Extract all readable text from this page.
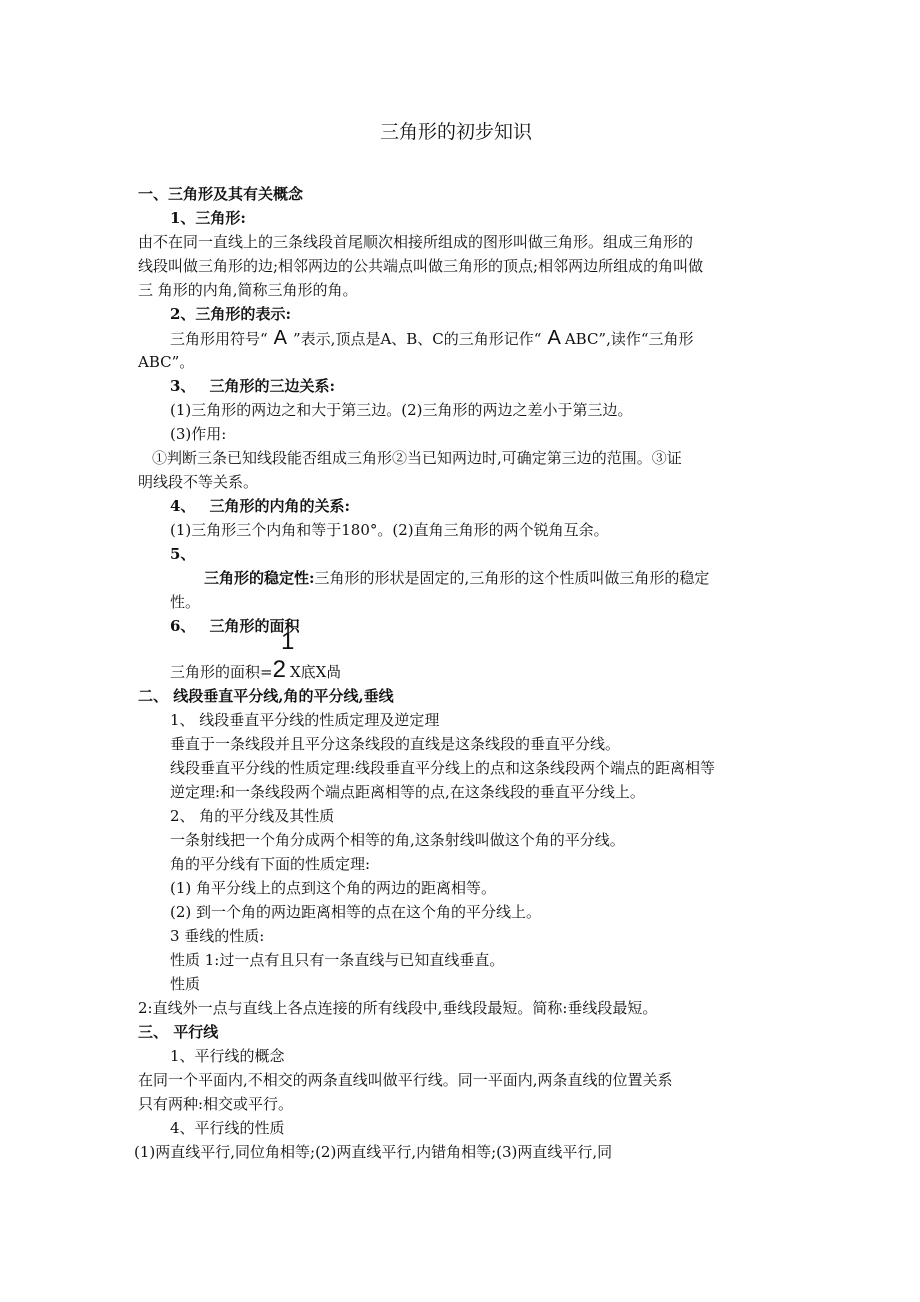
三角形的初步知识
一、三角形及其有关概念
1、三角形:
由不在同一直线上的三条线段首尾顺次相接所组成的图形叫做三角形。组成三角形的
线段叫做三角形的边;相邻两边的公共端点叫做三角形的顶点;相邻两边所组成的角叫做
三 角形的内角,简称三角形的角。
2、三角形的表示:
三角形用符号“ A ”表示,顶点是A、B、C的三角形记作“ A ABC”,读作“三角形
ABC”。
3、 三角形的三边关系:
(1)三角形的两边之和大于第三边。(2)三角形的两边之差小于第三边。
(3)作用:
①判断三条已知线段能否组成三角形②当已知两边时,可确定第三边的范围。③证
明线段不等关系。
4、 三角形的内角的关系:
(1)三角形三个内角和等于180°。(2)直角三角形的两个锐角互余。
5、
三角形的稳定性:三角形的形状是固定的,三角形的这个性质叫做三角形的稳定
性。
6、 三角形的面积
1
三角形的面积=2 X底X咼
二、 线段垂直平分线,角的平分线,垂线
1、 线段垂直平分线的性质定理及逆定理
垂直于一条线段并且平分这条线段的直线是这条线段的垂直平分线。
线段垂直平分线的性质定理:线段垂直平分线上的点和这条线段两个端点的距离相等
逆定理:和一条线段两个端点距离相等的点,在这条线段的垂直平分线上。
2、 角的平分线及其性质
一条射线把一个角分成两个相等的角,这条射线叫做这个角的平分线。
角的平分线有下面的性质定理:
(1) 角平分线上的点到这个角的两边的距离相等。
(2) 到一个角的两边距离相等的点在这个角的平分线上。
3 垂线的性质:
性质 1:过一点有且只有一条直线与已知直线垂直。
性质
2:直线外一点与直线上各点连接的所有线段中,垂线段最短。简称:垂线段最短。
三、 平行线
1、平行线的概念
在同一个平面内,不相交的两条直线叫做平行线。同一平面内,两条直线的位置关系
只有两种:相交或平行。
4、平行线的性质
(1)两直线平行,同位角相等;(2)两直线平行,内错角相等;(3)两直线平行,同
